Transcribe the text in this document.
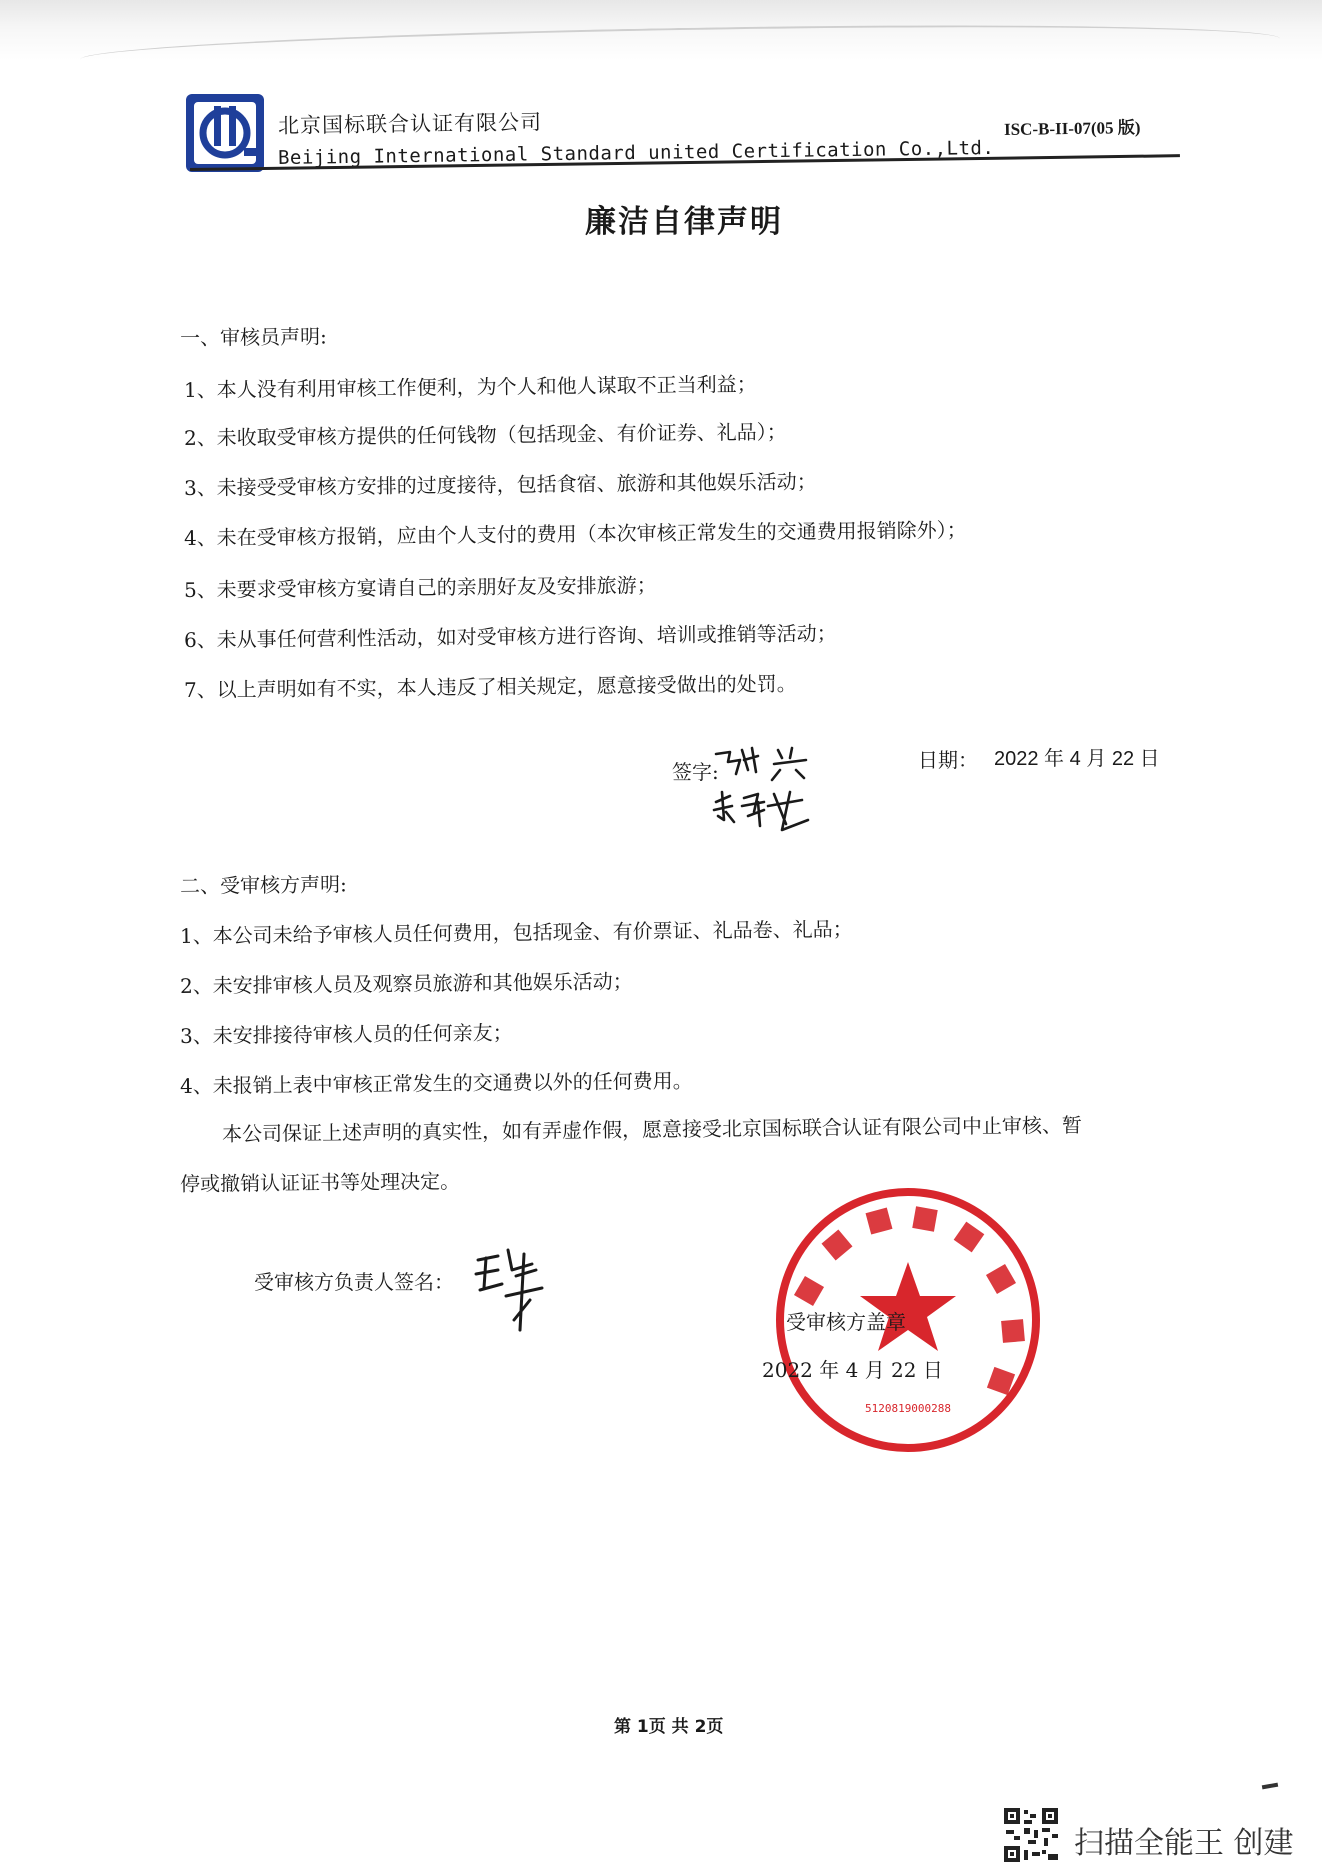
北京国标联合认证有限公司
Beijing International Standard united Certification Co.,Ltd.
ISC-B-II-07(05 版)
廉洁自律声明
一、审核员声明:
1、本人没有利用审核工作便利，为个人和他人谋取不正当利益；
2、未收取受审核方提供的任何钱物（包括现金、有价证券、礼品）；
3、未接受受审核方安排的过度接待，包括食宿、旅游和其他娱乐活动；
4、未在受审核方报销，应由个人支付的费用（本次审核正常发生的交通费用报销除外）；
5、未要求受审核方宴请自己的亲朋好友及安排旅游；
6、未从事任何营利性活动，如对受审核方进行咨询、培训或推销等活动；
7、以上声明如有不实，本人违反了相关规定，愿意接受做出的处罚。
签字:	日期： 2022 年 4 月 22 日
二、受审核方声明:
1、本公司未给予审核人员任何费用，包括现金、有价票证、礼品卷、礼品；
2、未安排审核人员及观察员旅游和其他娱乐活动；
3、未安排接待审核人员的任何亲友；
4、未报销上表中审核正常发生的交通费以外的任何费用。
本公司保证上述声明的真实性，如有弄虚作假，愿意接受北京国标联合认证有限公司中止审核、暂
停或撤销认证证书等处理决定。
受审核方负责人签名：
5120819000288
受审核方盖章
2022 年 4 月 22 日
第 1页 共 2页
扫描全能王 创建
